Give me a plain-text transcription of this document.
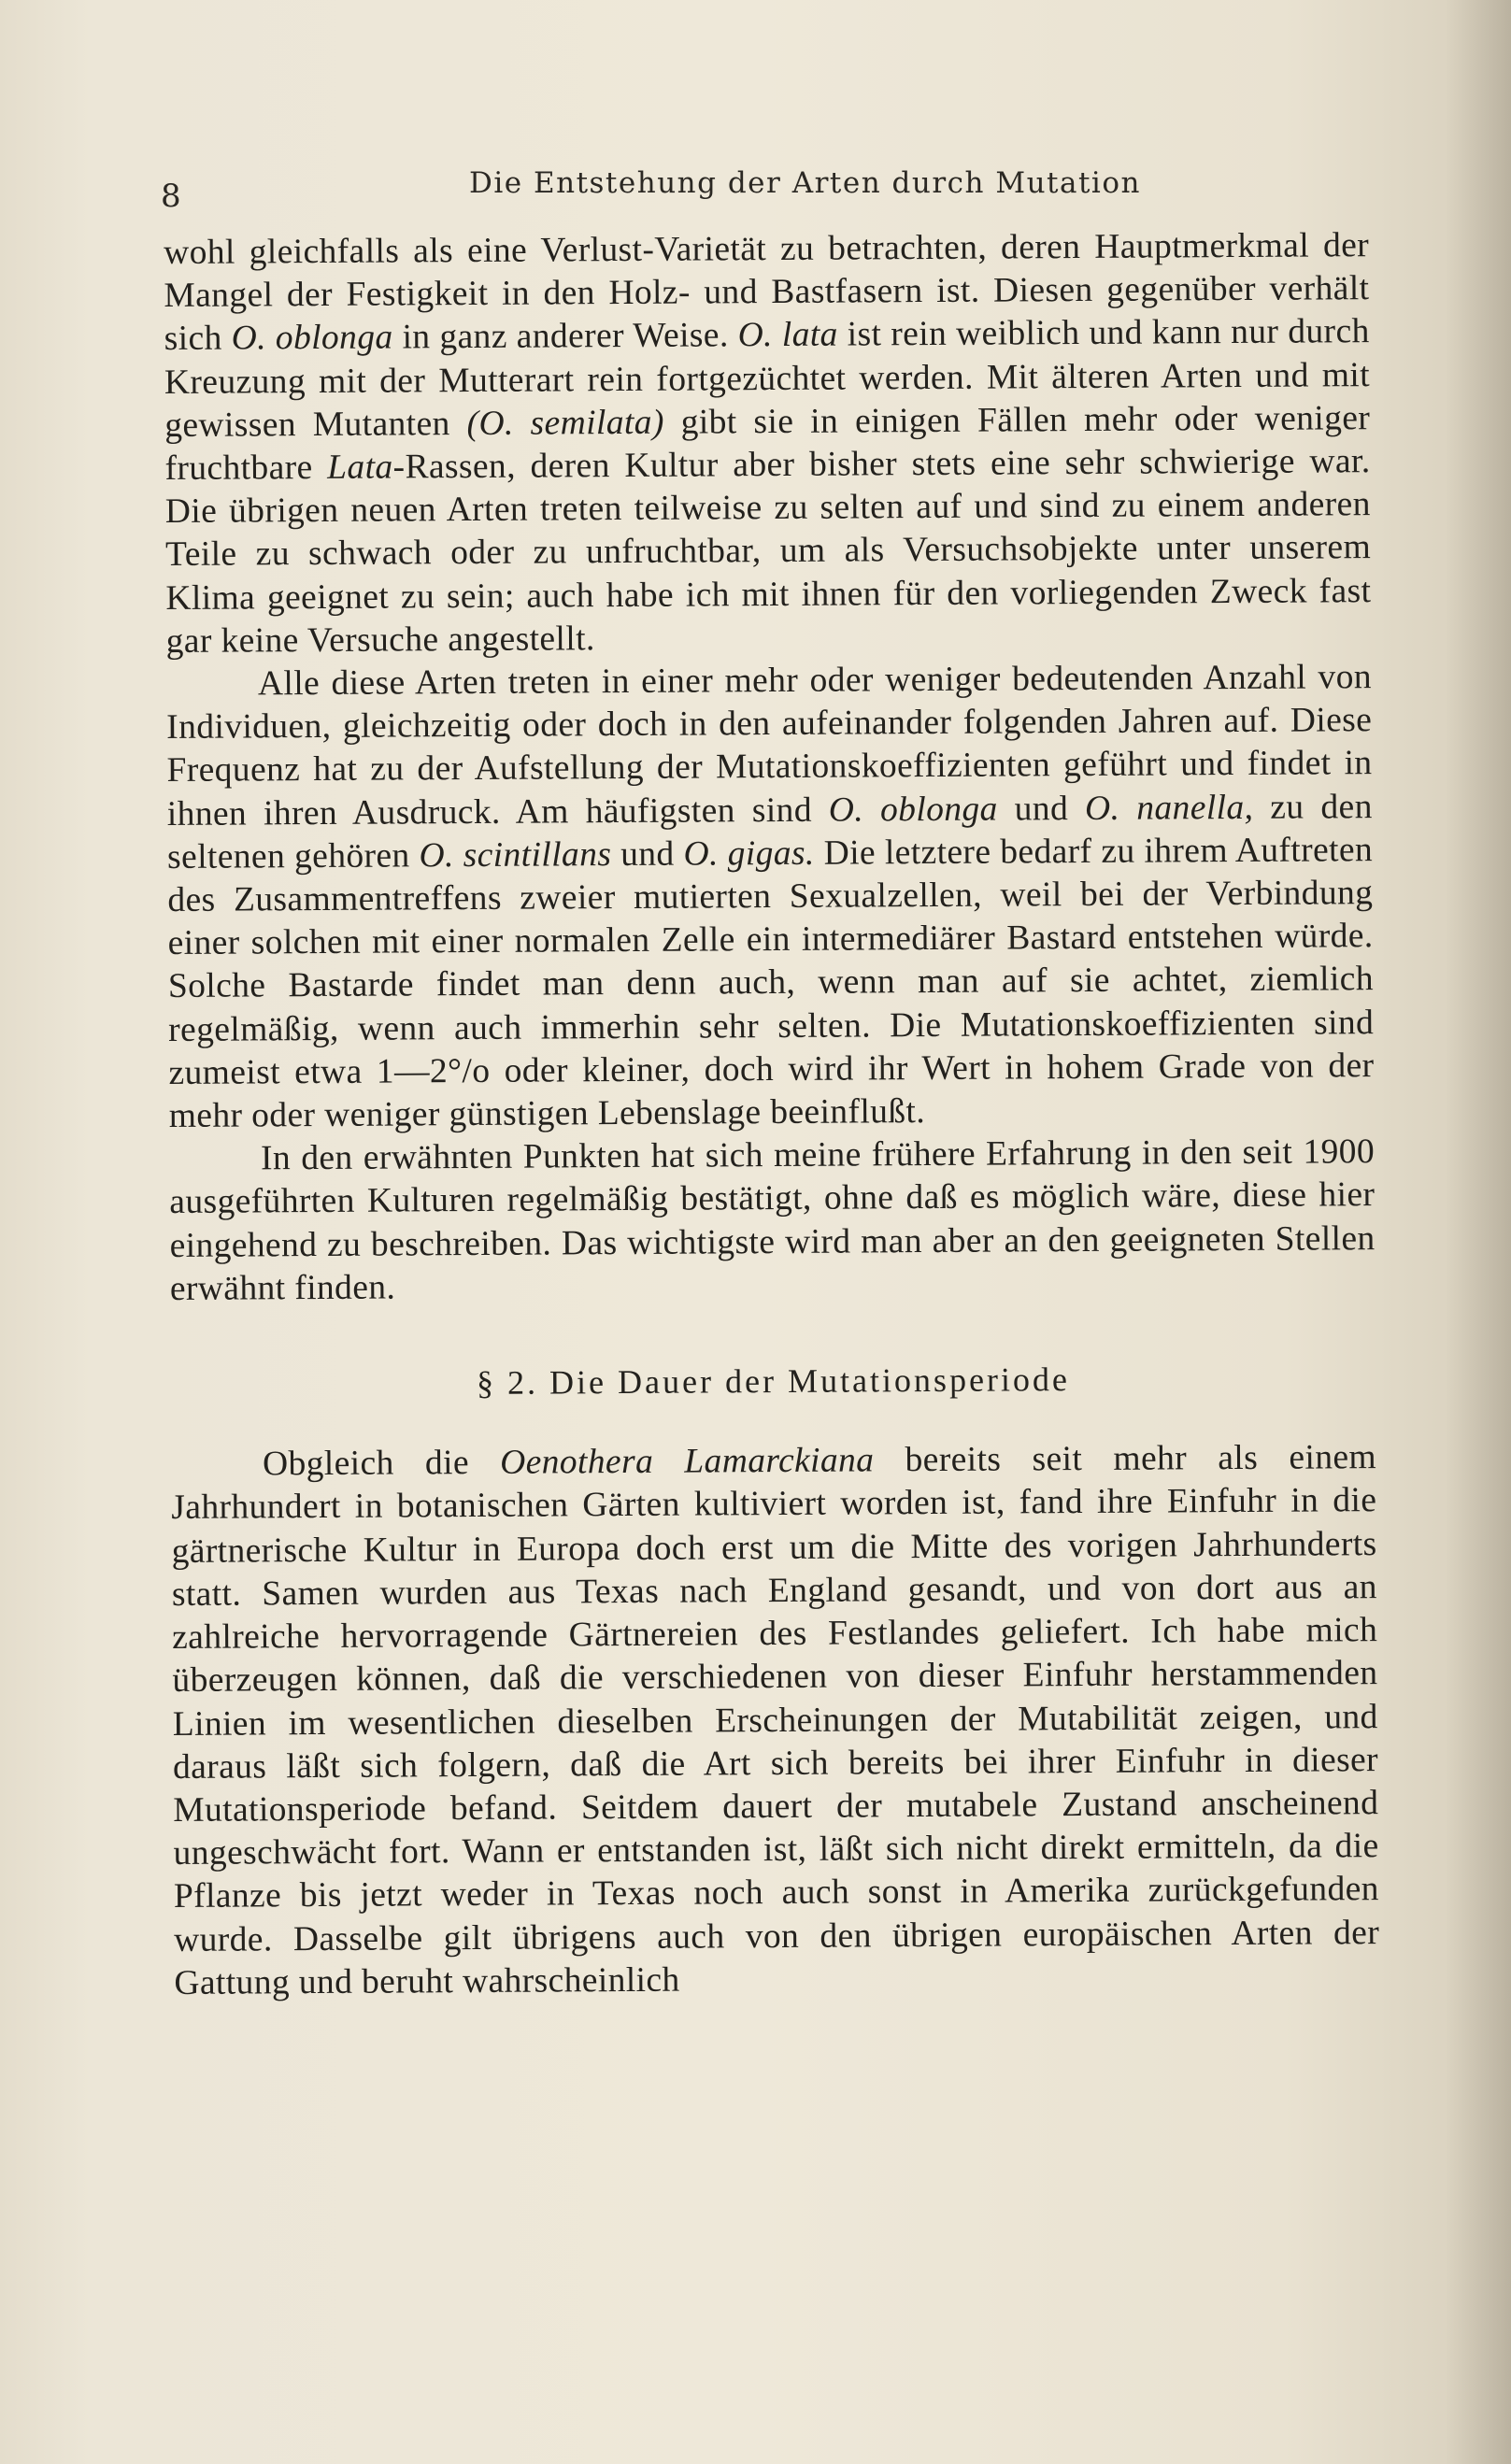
8	Die Entstehung der Arten durch Mutation

wohl gleichfalls als eine Verlust-Varietät zu betrachten, deren Hauptmerkmal der Mangel der Festigkeit in den Holz- und Bastfasern ist. Diesen gegenüber verhält sich O. oblonga in ganz anderer Weise. O. lata ist rein weiblich und kann nur durch Kreuzung mit der Mutterart rein fortgezüchtet werden. Mit älteren Arten und mit gewissen Mutanten (O. semilata) gibt sie in einigen Fällen mehr oder weniger fruchtbare Lata-Rassen, deren Kultur aber bisher stets eine sehr schwierige war. Die übrigen neuen Arten treten teilweise zu selten auf und sind zu einem anderen Teile zu schwach oder zu unfruchtbar, um als Versuchsobjekte unter unserem Klima geeignet zu sein; auch habe ich mit ihnen für den vorliegenden Zweck fast gar keine Versuche angestellt.

Alle diese Arten treten in einer mehr oder weniger bedeutenden Anzahl von Individuen, gleichzeitig oder doch in den aufeinander folgenden Jahren auf. Diese Frequenz hat zu der Aufstellung der Mutationskoeffizienten geführt und findet in ihnen ihren Ausdruck. Am häufigsten sind O. oblonga und O. nanella, zu den seltenen gehören O. scintillans und O. gigas. Die letztere bedarf zu ihrem Auftreten des Zusammentreffens zweier mutierten Sexualzellen, weil bei der Verbindung einer solchen mit einer normalen Zelle ein intermediärer Bastard entstehen würde. Solche Bastarde findet man denn auch, wenn man auf sie achtet, ziemlich regelmäßig, wenn auch immerhin sehr selten. Die Mutationskoeffizienten sind zumeist etwa 1—2°/o oder kleiner, doch wird ihr Wert in hohem Grade von der mehr oder weniger günstigen Lebenslage beeinflußt.

In den erwähnten Punkten hat sich meine frühere Erfahrung in den seit 1900 ausgeführten Kulturen regelmäßig bestätigt, ohne daß es möglich wäre, diese hier eingehend zu beschreiben. Das wichtigste wird man aber an den geeigneten Stellen erwähnt finden.

§ 2. Die Dauer der Mutationsperiode

Obgleich die Oenothera Lamarckiana bereits seit mehr als einem Jahrhundert in botanischen Gärten kultiviert worden ist, fand ihre Einfuhr in die gärtnerische Kultur in Europa doch erst um die Mitte des vorigen Jahrhunderts statt. Samen wurden aus Texas nach England gesandt, und von dort aus an zahlreiche hervorragende Gärtnereien des Festlandes geliefert. Ich habe mich überzeugen können, daß die verschiedenen von dieser Einfuhr herstammenden Linien im wesentlichen dieselben Erscheinungen der Mutabilität zeigen, und daraus läßt sich folgern, daß die Art sich bereits bei ihrer Einfuhr in dieser Mutationsperiode befand. Seitdem dauert der mutabele Zustand anscheinend ungeschwächt fort. Wann er entstanden ist, läßt sich nicht direkt ermitteln, da die Pflanze bis jetzt weder in Texas noch auch sonst in Amerika zurückgefunden wurde. Dasselbe gilt übrigens auch von den übrigen europäischen Arten der Gattung und beruht wahrscheinlich
